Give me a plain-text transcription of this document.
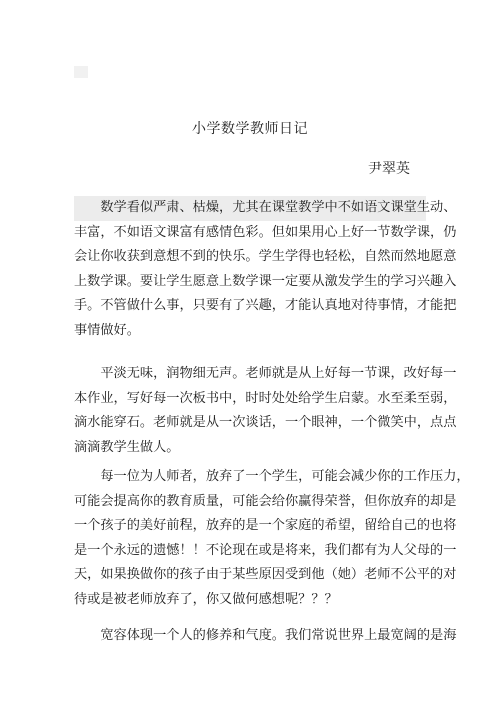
小学数学教师日记
尹翠英

　　数学看似严肃、枯燥，尤其在课堂教学中不如语文课堂生动、
丰富，不如语文课富有感情色彩。但如果用心上好一节数学课，仍
会让你收获到意想不到的快乐。学生学得也轻松，自然而然地愿意
上数学课。要让学生愿意上数学课一定要从激发学生的学习兴趣入
手。不管做什么事，只要有了兴趣，才能认真地对待事情，才能把
事情做好。

　　平淡无味，润物细无声。老师就是从上好每一节课，改好每一
本作业，写好每一次板书中，时时处处给学生启蒙。水至柔至弱，
滴水能穿石。老师就是从一次谈话，一个眼神，一个微笑中，点点
滴滴教学生做人。

　　每一位为人师者，放弃了一个学生，可能会减少你的工作压力，
可能会提高你的教育质量，可能会给你赢得荣誉，但你放弃的却是
一个孩子的美好前程，放弃的是一个家庭的希望，留给自己的也将
是一个永远的遗憾！！不论现在或是将来，我们都有为人父母的一
天，如果换做你的孩子由于某些原因受到他（她）老师不公平的对
待或是被老师放弃了，你又做何感想呢？？？

　　宽容体现一个人的修养和气度。我们常说世界上最宽阔的是海
